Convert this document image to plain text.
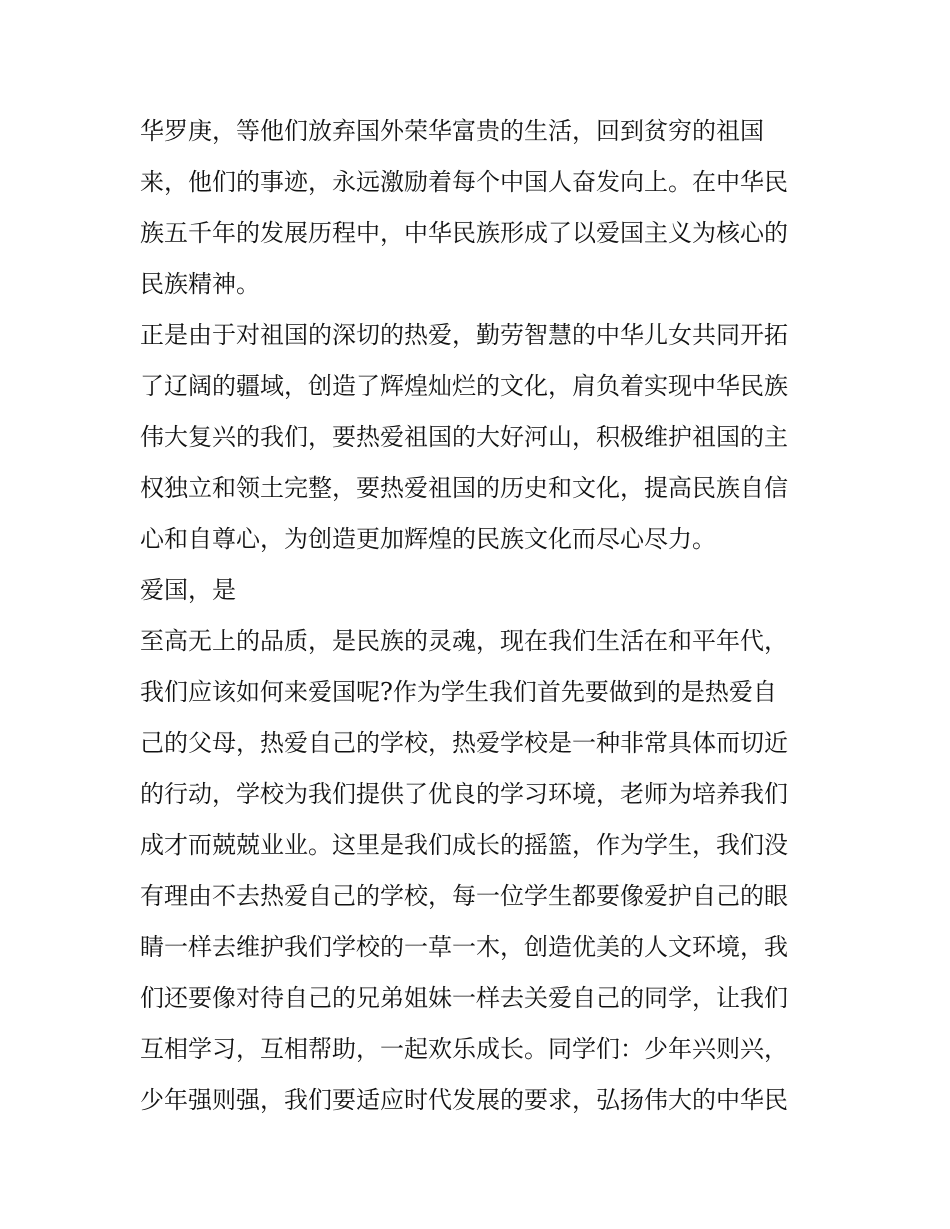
华罗庚，等他们放弃国外荣华富贵的生活，回到贫穷的祖国
来，他们的事迹，永远激励着每个中国人奋发向上。在中华民
族五千年的发展历程中，中华民族形成了以爱国主义为核心的
民族精神。
正是由于对祖国的深切的热爱，勤劳智慧的中华儿女共同开拓
了辽阔的疆域，创造了辉煌灿烂的文化，肩负着实现中华民族
伟大复兴的我们，要热爱祖国的大好河山，积极维护祖国的主
权独立和领土完整，要热爱祖国的历史和文化，提高民族自信
心和自尊心，为创造更加辉煌的民族文化而尽心尽力。
爱国，是
至高无上的品质，是民族的灵魂，现在我们生活在和平年代，
我们应该如何来爱国呢?作为学生我们首先要做到的是热爱自
己的父母，热爱自己的学校，热爱学校是一种非常具体而切近
的行动，学校为我们提供了优良的学习环境，老师为培养我们
成才而兢兢业业。这里是我们成长的摇篮，作为学生，我们没
有理由不去热爱自己的学校，每一位学生都要像爱护自己的眼
睛一样去维护我们学校的一草一木，创造优美的人文环境，我
们还要像对待自己的兄弟姐妹一样去关爱自己的同学，让我们
互相学习，互相帮助，一起欢乐成长。同学们：少年兴则兴，
少年强则强，我们要适应时代发展的要求，弘扬伟大的中华民
